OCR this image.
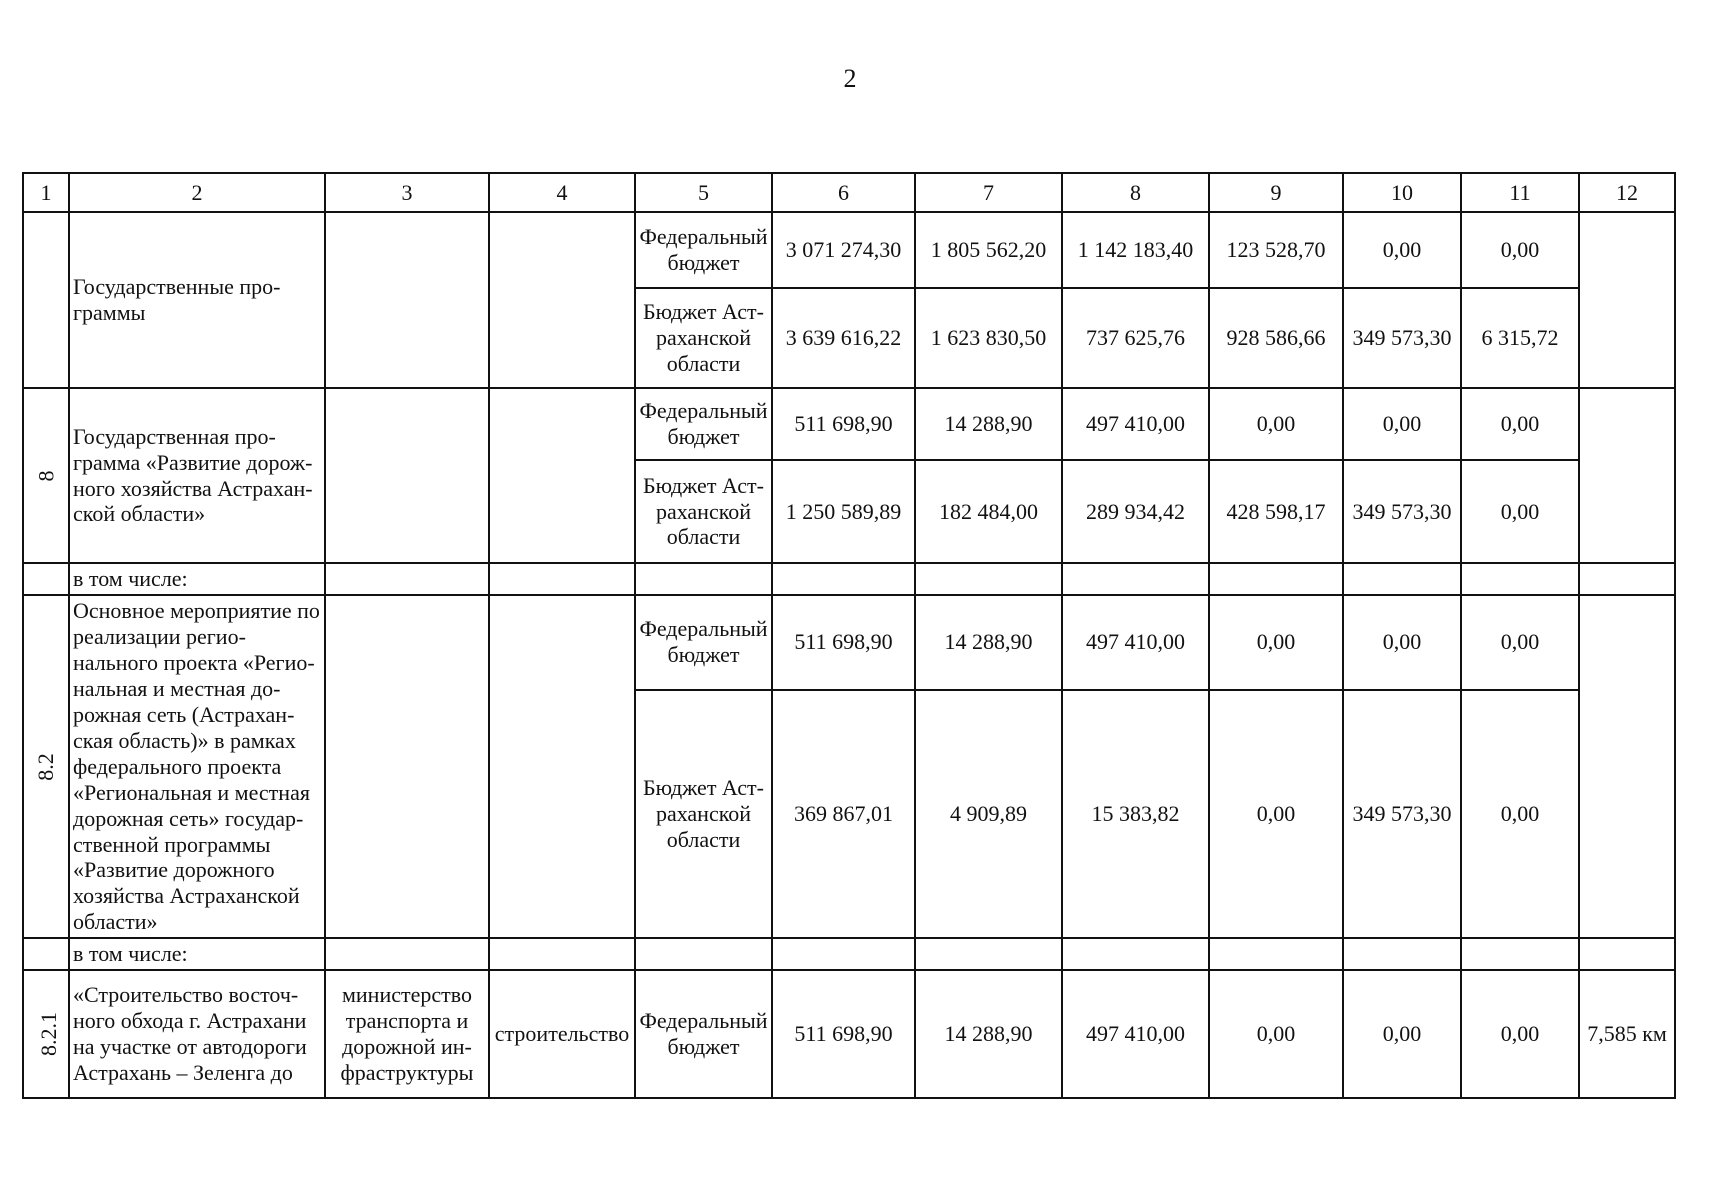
2
1	2	3	4	5	6	7	8	9	10	11	12
	Государственные про-граммы			Федеральный бюджет	3 071 274,30	1 805 562,20	1 142 183,40	123 528,70	0,00	0,00	
				Бюджет Аст-раханской области	3 639 616,22	1 623 830,50	737 625,76	928 586,66	349 573,30	6 315,72	
8	Государственная про-грамма «Развитие дорож-ного хозяйства Астрахан-ской области»			Федеральный бюджет	511 698,90	14 288,90	497 410,00	0,00	0,00	0,00	
				Бюджет Аст-раханской области	1 250 589,89	182 484,00	289 934,42	428 598,17	349 573,30	0,00	
	в том числе:										
8.2	Основное мероприятие по реализации регио-нального проекта «Регио-нальная и местная до-рожная сеть (Астрахан-ская область)» в рамках федерального проекта «Региональная и местная дорожная сеть» государ-ственной программы «Развитие дорожного хозяйства Астраханской области»			Федеральный бюджет	511 698,90	14 288,90	497 410,00	0,00	0,00	0,00	
				Бюджет Аст-раханской области	369 867,01	4 909,89	15 383,82	0,00	349 573,30	0,00	
	в том числе:										
8.2.1	«Строительство восточ-ного обхода г. Астрахани на участке от автодороги Астрахань – Зеленга до	министерство транспорта и дорожной ин-фраструктуры	строительство	Федеральный бюджет	511 698,90	14 288,90	497 410,00	0,00	0,00	0,00	7,585 км
